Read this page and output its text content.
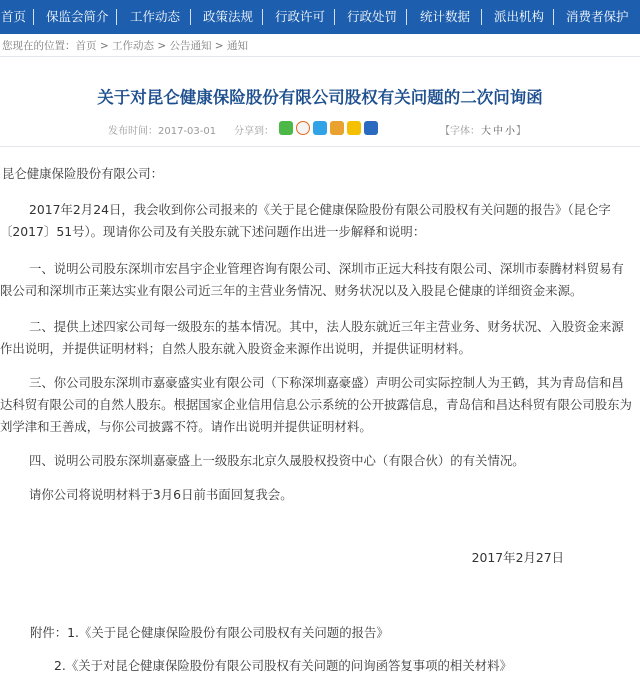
首页 保监会简介 工作动态 政策法规 行政许可 行政处罚 统计数据 派出机构 消费者保护
您现在的位置：首页 > 工作动态 > 公告通知 > 通知
关于对昆仑健康保险股份有限公司股权有关问题的二次问询函
发布时间：2017-03-01 分享到：	【字体：大 中 小】
昆仑健康保险股份有限公司：
2017年2月24日，我会收到你公司报来的《关于昆仑健康保险股份有限公司股权有关问题的报告》（昆仑字〔2017〕51号）。现请你公司及有关股东就下述问题作出进一步解释和说明：
一、说明公司股东深圳市宏昌宇企业管理咨询有限公司、深圳市正远大科技有限公司、深圳市泰腾材料贸易有限公司和深圳市正莱达实业有限公司近三年的主营业务情况、财务状况以及入股昆仑健康的详细资金来源。
二、提供上述四家公司每一级股东的基本情况。其中，法人股东就近三年主营业务、财务状况、入股资金来源作出说明，并提供证明材料；自然人股东就入股资金来源作出说明，并提供证明材料。
三、你公司股东深圳市嘉豪盛实业有限公司（下称深圳嘉豪盛）声明公司实际控制人为王鹤，其为青岛信和昌达科贸有限公司的自然人股东。根据国家企业信用信息公示系统的公开披露信息，青岛信和昌达科贸有限公司股东为刘学津和王善成，与你公司披露不符。请作出说明并提供证明材料。
四、说明公司股东深圳嘉豪盛上一级股东北京久晟股权投资中心（有限合伙）的有关情况。
请你公司将说明材料于3月6日前书面回复我会。
2017年2月27日
附件：1.《关于昆仑健康保险股份有限公司股权有关问题的报告》
2.《关于对昆仑健康保险股份有限公司股权有关问题的问询函答复事项的相关材料》
